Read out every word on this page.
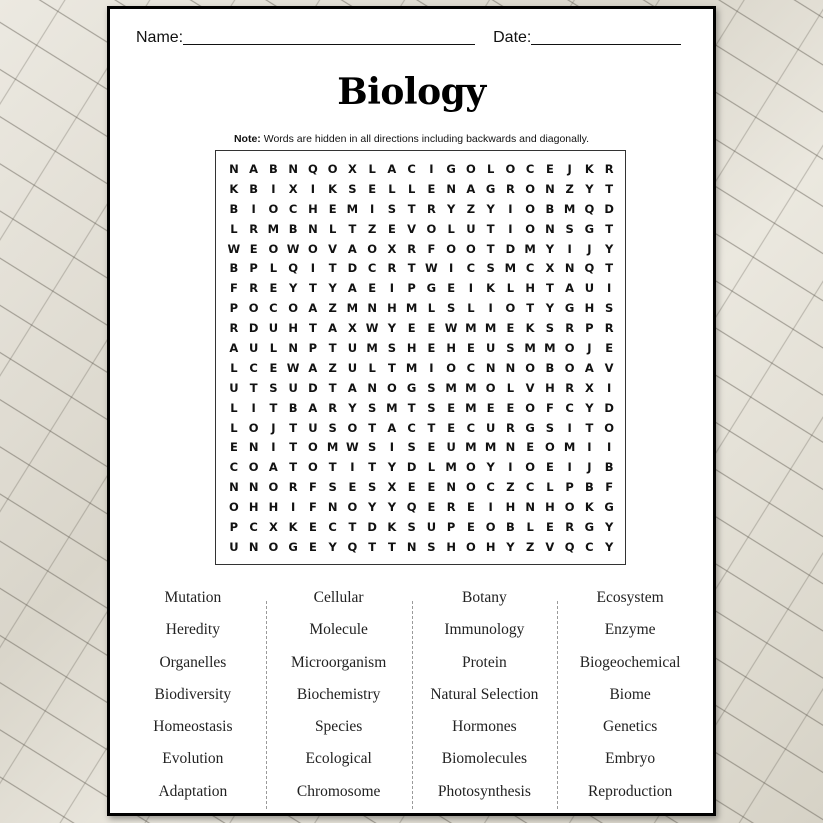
Name:	Date:
Biology
Note: Words are hidden in all directions including backwards and diagonally.
N A B N Q O X	L	A C	I	G O L O C	E	J	K R
K B	I	X	I	K S	E	L	L	E N A G R O N Z Y	T
B	I	O C H E M	I	S	T R Y Z Y	I	O B M Q D
L	R M B N L	T	Z	E V O L U T	I	O N S G T
W E O W O V A O X R F O O T D M Y	I	J	Y
B P	L Q	I	T D C R T W I	C S M C X N Q T
F R E	Y	T	Y A E	I	P G E	I	K	L H T A U	I
P O C O A Z M N H M L	S	L	I	O T	Y G H S
R D U H T A X W Y	E	E W M M E K S R P R
A U L N P	T U M S H E H E U S M M O	J	E
L	C	E W A Z U L	T M	I	O C N N O B O A V
U T	S U D T A N O G S M M O L	V H R X	I
L	I	T B A R Y S M T	S	E M E	E O F	C Y D
L O	J	T U S O T A C	T	E	C U R G S	I	T O
E N	I	T O M W S	I	S	E U M M N E O M	I	I
C O A T O T	I	T	Y D L M O Y	I	O E	I	J	B
N N O R F	S	E	S X E	E N O C Z C	L	P B F
O H H	I	F N O Y Y Q E R E	I	H N H O K G
P C X K E	C	T D K S U P	E O B	L	E R G Y
U N O G E	Y Q T	T N S H O H Y Z V Q C Y
Mutation
Heredity
Organelles
Biodiversity
Homeostasis
Evolution
Adaptation
Cellular
Molecule
Microorganism
Biochemistry
Species
Ecological
Chromosome
Botany
Immunology
Protein
Natural Selection
Hormones
Biomolecules
Photosynthesis
Ecosystem
Enzyme
Biogeochemical
Biome
Genetics
Embryo
Reproduction
